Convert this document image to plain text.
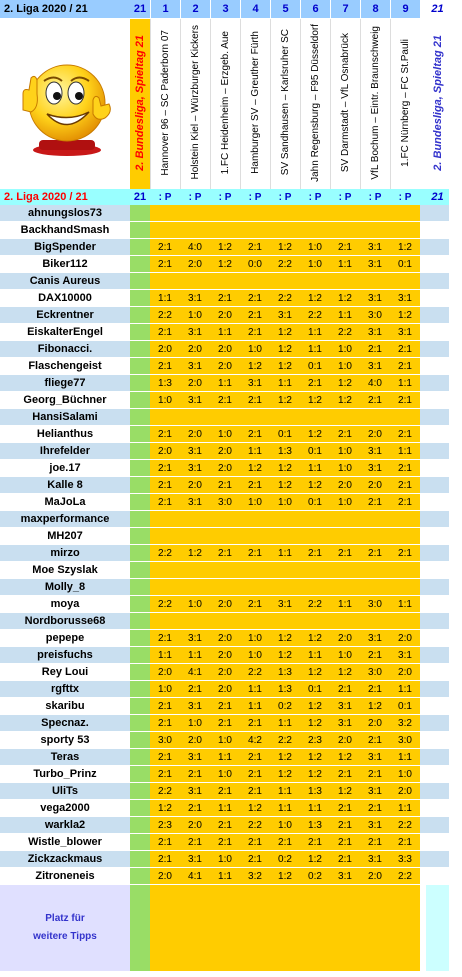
2. Liga 2020 / 21	21	1	2	3	4	5	6	7	8	9		21
	2. Bundesliga, Spieltag 21	Hannover 96 – SC Paderborn 07	Holstein Kiel – Würzburger Kickers	1.FC Heidenheim – Erzgeb. Aue	Hamburger SV – Greuther Fürth	SV Sandhausen – Karlsruher SC	Jahn Regensburg – F95 Düsseldorf	SV Darmstadt – VfL Osnabrück	VfL Bochum – Eintr. Braunschweig	1.FC Nürnberg – FC St.Pauli		2. Bundesliga, Spieltag 21
2. Liga 2020 / 21	21	: P	: P	: P	: P	: P	: P	: P	: P	: P		21
ahnungslos73												
BackhandSmash												
BigSpender		2:1	4:0	1:2	2:1	1:2	1:0	2:1	3:1	1:2		
Biker112		2:1	2:0	1:2	0:0	2:2	1:0	1:1	3:1	0:1		
Canis Aureus												
DAX10000		1:1	3:1	2:1	2:1	2:2	1:2	1:2	3:1	3:1		
Eckrentner		2:2	1:0	2:0	2:1	3:1	2:2	1:1	3:0	1:2		
EiskalterEngel		2:1	3:1	1:1	2:1	1:2	1:1	2:2	3:1	3:1		
Fibonacci.		2:0	2:0	2:0	1:0	1:2	1:1	1:0	2:1	2:1		
Flaschengeist		2:1	3:1	2:0	1:2	1:2	0:1	1:0	3:1	2:1		
fliege77		1:3	2:0	1:1	3:1	1:1	2:1	1:2	4:0	1:1		
Georg_Büchner		1:0	3:1	2:1	2:1	1:2	1:2	1:2	2:1	2:1		
HansiSalami												
Helianthus		2:1	2:0	1:0	2:1	0:1	1:2	2:1	2:0	2:1		
Ihrefelder		2:0	3:1	2:0	1:1	1:3	0:1	1:0	3:1	1:1		
joe.17		2:1	3:1	2:0	1:2	1:2	1:1	1:0	3:1	2:1		
Kalle 8		2:1	2:0	2:1	2:1	1:2	1:2	2:0	2:0	2:1		
MaJoLa		2:1	3:1	3:0	1:0	1:0	0:1	1:0	2:1	2:1		
maxperformance												
MH207												
mirzo		2:2	1:2	2:1	2:1	1:1	2:1	2:1	2:1	2:1		
Moe Szyslak												
Molly_8												
moya		2:2	1:0	2:0	2:1	3:1	2:2	1:1	3:0	1:1		
Nordborusse68												
pepepe		2:1	3:1	2:0	1:0	1:2	1:2	2:0	3:1	2:0		
preisfuchs		1:1	1:1	2:0	1:0	1:2	1:1	1:0	2:1	3:1		
Rey Loui		2:0	4:1	2:0	2:2	1:3	1:2	1:2	3:0	2:0		
rgfttx		1:0	2:1	2:0	1:1	1:3	0:1	2:1	2:1	1:1		
skaribu		2:1	3:1	2:1	1:1	0:2	1:2	3:1	1:2	0:1		
Specnaz.		2:1	1:0	2:1	2:1	1:1	1:2	3:1	2:0	3:2		
sporty 53		3:0	2:0	1:0	4:2	2:2	2:3	2:0	2:1	3:0		
Teras		2:1	3:1	1:1	2:1	1:2	1:2	1:2	3:1	1:1		
Turbo_Prinz		2:1	2:1	1:0	2:1	1:2	1:2	2:1	2:1	1:0		
UliTs		2:2	3:1	2:1	2:1	1:1	1:3	1:2	3:1	2:0		
vega2000		1:2	2:1	1:1	1:2	1:1	1:1	2:1	2:1	1:1		
warkla2		2:3	2:0	2:1	2:2	1:0	1:3	2:1	3:1	2:2		
Wistle_blower		2:1	2:1	2:1	2:1	2:1	2:1	2:1	2:1	2:1		
Zickzackmaus		2:1	3:1	1:0	2:1	0:2	1:2	2:1	3:1	3:3		
Zitroneneis		2:0	4:1	1:1	3:2	1:2	0:2	3:1	2:0	2:2		

Platz für
weitere Tipps												
